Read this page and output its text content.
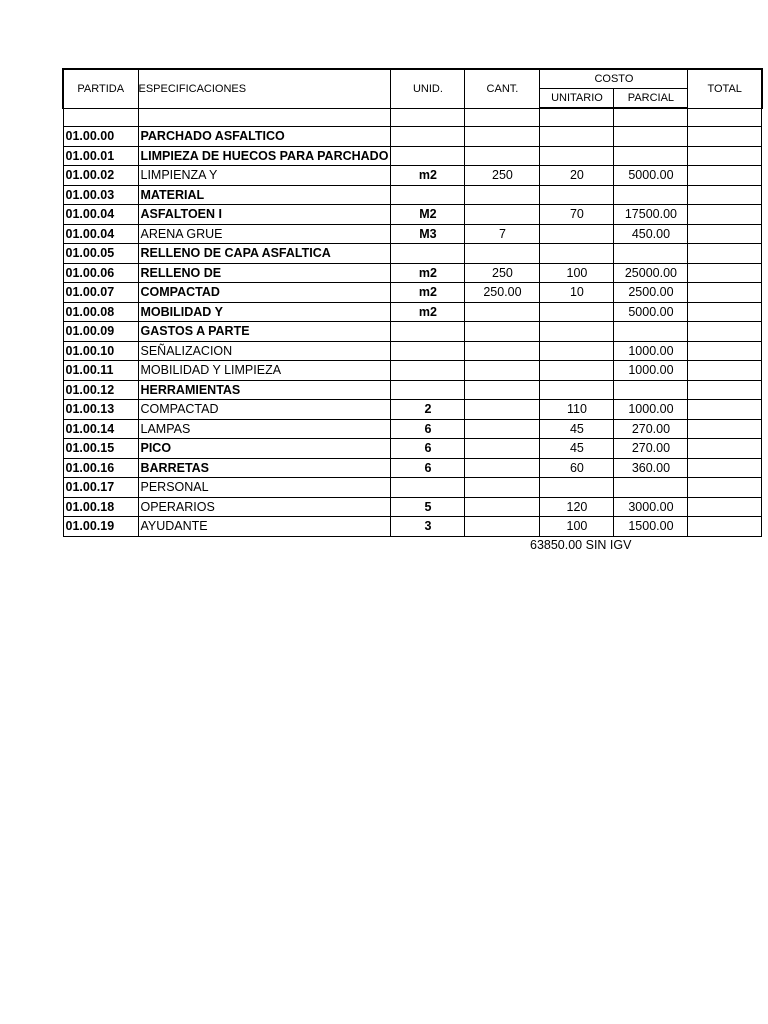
PARTIDA	ESPECIFICACIONES	UNID.	CANT.	COSTO		TOTAL
				UNITARIO	PARCIAL	

01.00.00	PARCHADO ASFALTICO					
01.00.01	LIMPIEZA DE HUECOS PARA PARCHADO					
01.00.02	LIMPIENZA Y	m2	250	20	5000.00	
01.00.03	MATERIAL					
01.00.04	ASFALTOEN I	M2		70	17500.00	
01.00.04	ARENA GRUE	M3	7		450.00	
01.00.05	RELLENO DE CAPA ASFALTICA					
01.00.06	RELLENO DE	m2	250	100	25000.00	
01.00.07	COMPACTAD	m2	250.00	10	2500.00	
01.00.08	MOBILIDAD Y	m2			5000.00	
01.00.09	GASTOS A PARTE					
01.00.10	SEÑALIZACION				1000.00	
01.00.11	MOBILIDAD Y LIMPIEZA				1000.00	
01.00.12	HERRAMIENTAS					
01.00.13	COMPACTAD	2		110	1000.00	
01.00.14	LAMPAS	6		45	270.00	
01.00.15	PICO	6		45	270.00	
01.00.16	BARRETAS	6		60	360.00	
01.00.17	PERSONAL					
01.00.18	OPERARIOS	5		120	3000.00	
01.00.19	AYUDANTE	3		100	1500.00	
63850.00 SIN IGV
